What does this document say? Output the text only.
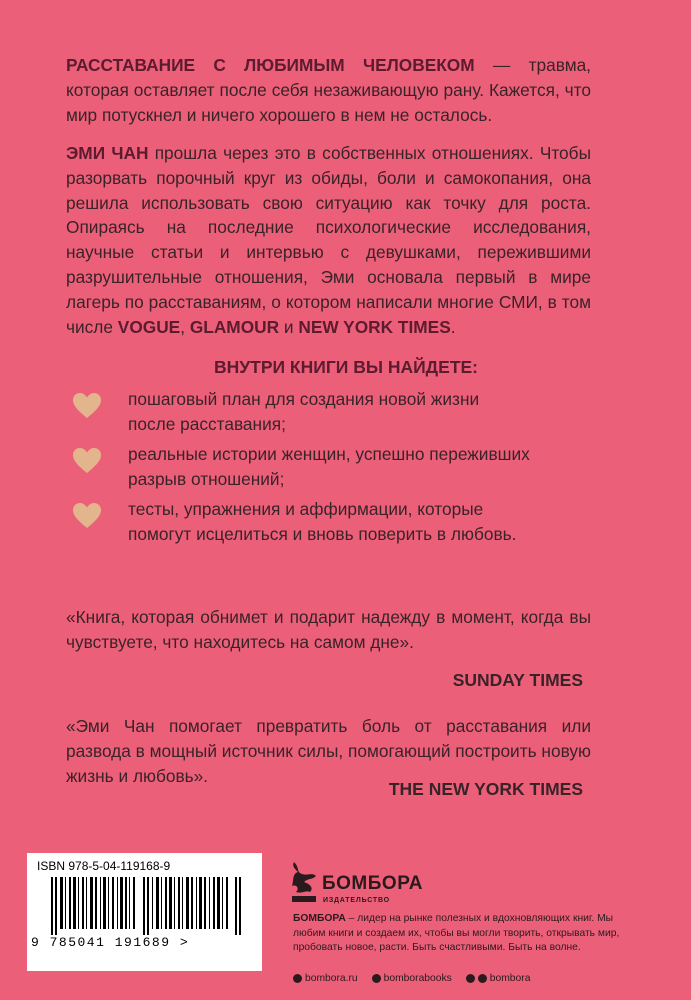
РАССТАВАНИЕ С ЛЮБИМЫМ ЧЕЛОВЕКОМ — травма, которая оставляет после себя незаживающую рану. Кажется, что мир потускнел и ничего хорошего в нем не осталось.

ЭМИ ЧАН прошла через это в собственных отношениях. Чтобы разорвать порочный круг из обиды, боли и самокопания, она решила использовать свою ситуацию как точку для роста. Опираясь на последние психологические исследования, научные статьи и интервью с девушками, пережившими разрушительные отношения, Эми основала первый в мире лагерь по расставаниям, о котором написали многие СМИ, в том числе VOGUE, GLAMOUR и NEW YORK TIMES.

ВНУТРИ КНИГИ ВЫ НАЙДЕТЕ:

пошаговый план для создания новой жизни
после расставания;

реальные истории женщин, успешно переживших
разрыв отношений;

тесты, упражнения и аффирмации, которые
помогут исцелиться и вновь поверить в любовь.

«Книга, которая обнимет и подарит надежду в момент, когда вы чувствуете, что находитесь на самом дне».

SUNDAY TIMES

«Эми Чан помогает превратить боль от расставания или развода в мощный источник силы, помогающий построить новую жизнь и любовь».

THE NEW YORK TIMES

ISBN 978-5-04-119168-9
9 785041 191689 >
БОМБОРА
ИЗДАТЕЛЬСТВО

БОМБОРА – лидер на рынке полезных и вдохновляющих книг. Мы любим книги и создаем их, чтобы вы могли творить, открывать мир, пробовать новое, расти. Быть счастливыми. Быть на волне.

bombora.ru	bomborabooks	bombora
